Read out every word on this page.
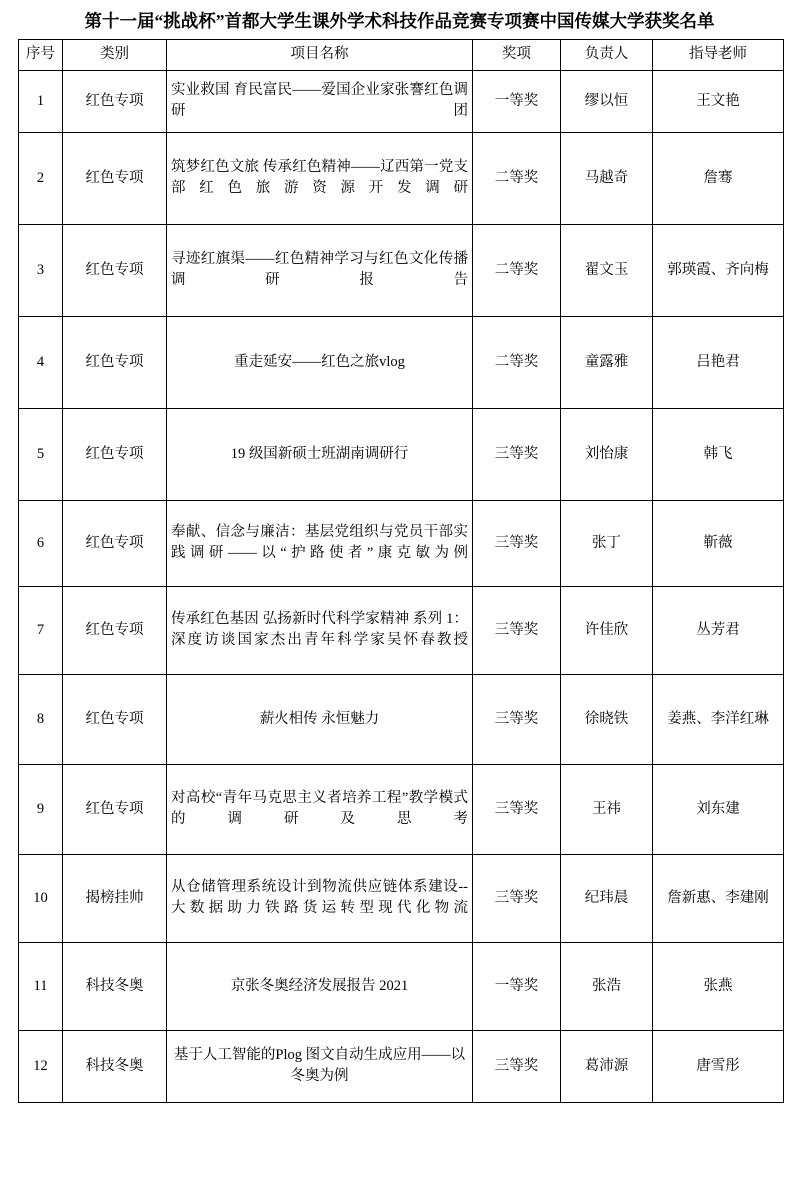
第十一届“挑战杯”首都大学生课外学术科技作品竞赛专项赛中国传媒大学获奖名单
序号	类别	项目名称	奖项	负责人	指导老师
1	红色专项	实业救国 育民富民——爱国企业家张謇红色调研团	一等奖	缪以恒	王文艳
2	红色专项	筑梦红色文旅 传承红色精神——辽西第一党支部红色旅游资源开发调研	二等奖	马越奇	詹骞
3	红色专项	寻迹红旗渠——红色精神学习与红色文化传播调研报告	二等奖	翟文玉	郭瑛霞、齐向梅
4	红色专项	重走延安——红色之旅vlog	二等奖	童露雅	吕艳君
5	红色专项	19 级国新硕士班湖南调研行	三等奖	刘怡康	韩飞
6	红色专项	奉献、信念与廉洁：基层党组织与党员干部实践调研——以“护路使者”康克敏为例	三等奖	张丁	靳薇
7	红色专项	传承红色基因 弘扬新时代科学家精神 系列 1：深度访谈国家杰出青年科学家吴怀春教授	三等奖	许佳欣	丛芳君
8	红色专项	薪火相传 永恒魅力	三等奖	徐晓铁	姜燕、李洋红琳
9	红色专项	对高校“青年马克思主义者培养工程”教学模式的调研及思考	三等奖	王祎	刘东建
10	揭榜挂帅	从仓储管理系统设计到物流供应链体系建设--大数据助力铁路货运转型现代化物流	三等奖	纪玮晨	詹新惠、李建刚
11	科技冬奥	京张冬奥经济发展报告 2021	一等奖	张浩	张燕
12	科技冬奥	基于人工智能的Plog 图文自动生成应用——以冬奥为例	三等奖	葛沛源	唐雪彤
